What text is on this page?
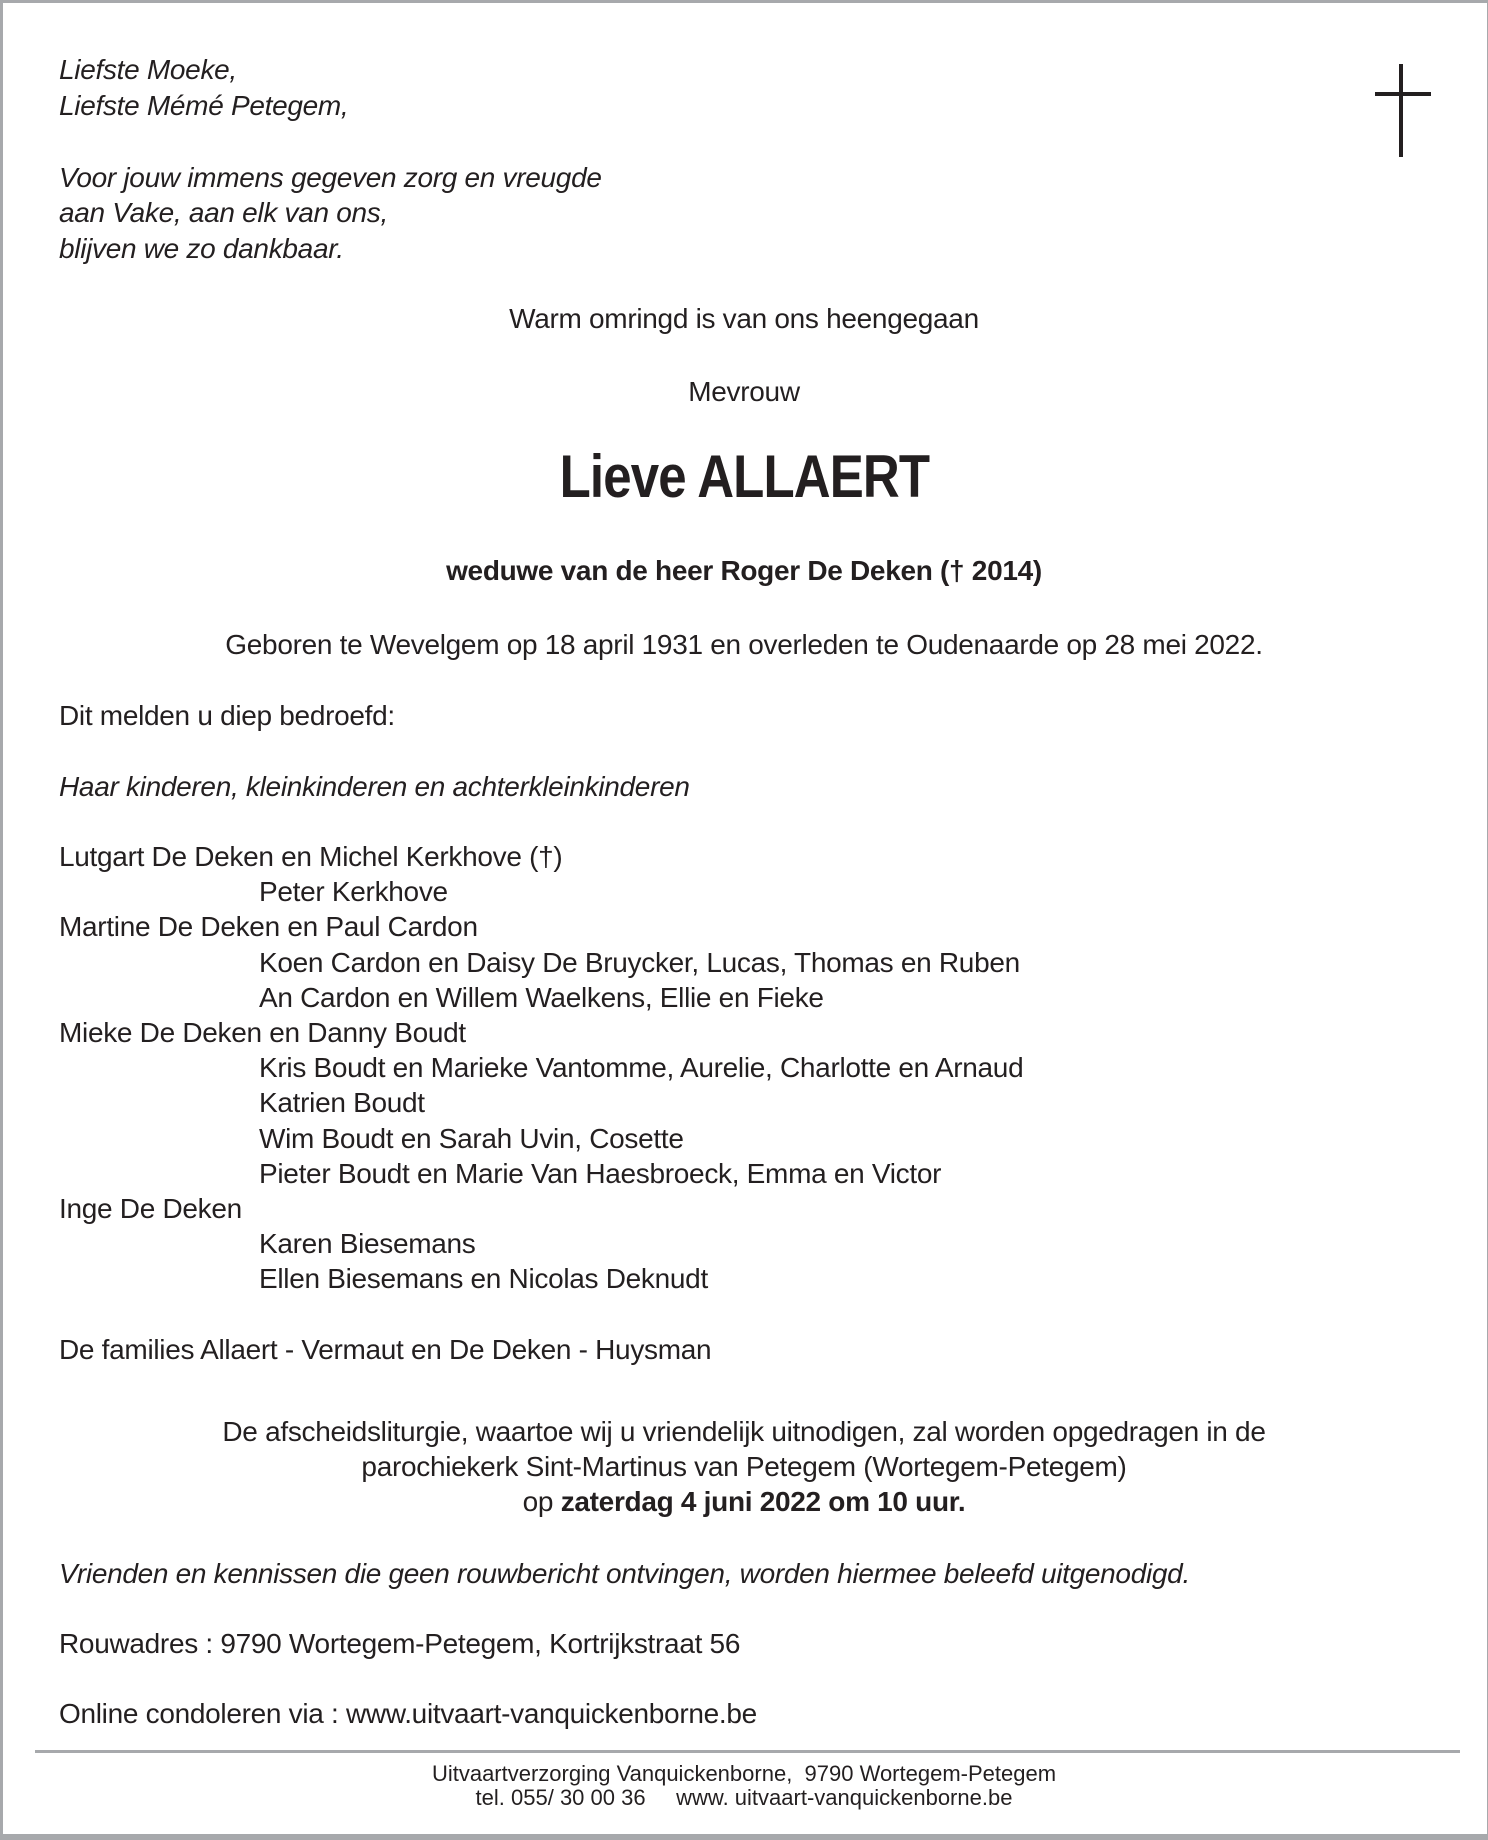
Liefste Moeke,
Liefste Mémé Petegem,
Voor jouw immens gegeven zorg en vreugde
aan Vake, aan elk van ons,
blijven we zo dankbaar.
Warm omringd is van ons heengegaan
Mevrouw
Lieve ALLAERT
weduwe van de heer Roger De Deken († 2014)
Geboren te Wevelgem op 18 april 1931 en overleden te Oudenaarde op 28 mei 2022.
Dit melden u diep bedroefd:
Haar kinderen, kleinkinderen en achterkleinkinderen
Lutgart De Deken en Michel Kerkhove (†)
Peter Kerkhove
Martine De Deken en Paul Cardon
Koen Cardon en Daisy De Bruycker, Lucas, Thomas en Ruben
An Cardon en Willem Waelkens, Ellie en Fieke
Mieke De Deken en Danny Boudt
Kris Boudt en Marieke Vantomme, Aurelie, Charlotte en Arnaud
Katrien Boudt
Wim Boudt en Sarah Uvin, Cosette
Pieter Boudt en Marie Van Haesbroeck, Emma en Victor
Inge De Deken
Karen Biesemans
Ellen Biesemans en Nicolas Deknudt
De families Allaert - Vermaut en De Deken - Huysman
De afscheidsliturgie, waartoe wij u vriendelijk uitnodigen, zal worden opgedragen in de
parochiekerk Sint-Martinus van Petegem (Wortegem-Petegem)
op zaterdag 4 juni 2022 om 10 uur.
Vrienden en kennissen die geen rouwbericht ontvingen, worden hiermee beleefd uitgenodigd.
Rouwadres : 9790 Wortegem-Petegem, Kortrijkstraat 56
Online condoleren via : www.uitvaart-vanquickenborne.be
Uitvaartverzorging Vanquickenborne,  9790 Wortegem-Petegem
tel. 055/ 30 00 36     www. uitvaart-vanquickenborne.be
